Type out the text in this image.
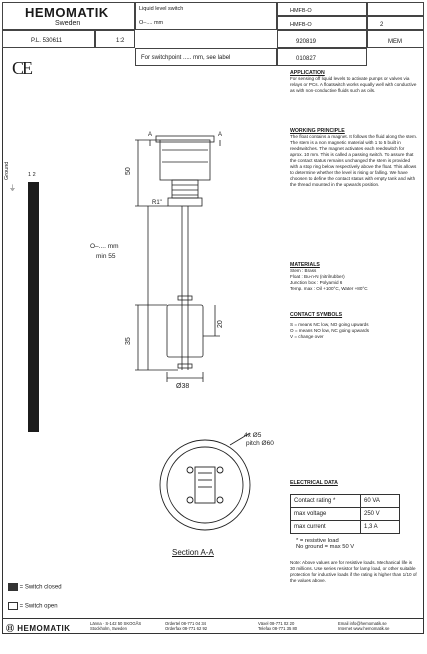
HEMOMATIK
Sweden
Liquid level switch
O–.... mm
HMFB-O
HMFB-O	2
P.L. 530611	1:2	920819	MEM
For switchpoint ..... mm, see label	010827
CE	APPLICATION
For sensing off liquid levels to activate pumps or valves via relays or PCs. A floatswitch works equally well with conductive as with non-conductive fluids such as oils.
WORKING PRINCIPLE
The float contains a magnet. It follows the fluid along the stem. The stem is a non magnetic material with 1 to 5 built in reedswitches. The magnet activates each reedswitch for aprox. 10 mm. This is called a passing switch. To assure that the contact status remains unchanged the stem is provided with a stop ring below respectively above the float. This allows to determine whether the level is rising or falling. We have choosen to define the contact status with empty tank and with the thread mounted in the upwards position.
MATERIALS
Stem : Brass
Float : Bu-n-N (nitrilrubber)
Junction box : Polyamid 6
Temp. max : Oil +100°C, Water +80°C
CONTACT SYMBOLS
S = means NC low, NO going upwards
O = means NO low, NC going upwards
V = change over
ELECTRICAL DATA
Contact rating *	60 VA
max voltage	250 V
max current	1,3 A
* = resistive load
No ground = max 50 V
Note: Above values are for resistive loads. Mechanical life is 30 millions. Use series resistor for lamp load, or other suitable protection for inductive loads if the rating is higher than 1/10 of the values above.
Ground
⏚
1 2	50
R1"
O–.... mm
min 55
35
20
Ø38
A	A
4x Ø5
pitch Ø60
Section A-A
= Switch closed
= Switch open
Ⓗ HEMOMATIK
Länna · S-142 50 SKOGÅS
Stockholm, Sweden
Ordertel 08-771 04 34
Orderfax 08-771 62 92
Växel 08-771 02 20
Telefax 08-771 35 80
Email info@hemomatik.se
Internet www.hemomatik.se
